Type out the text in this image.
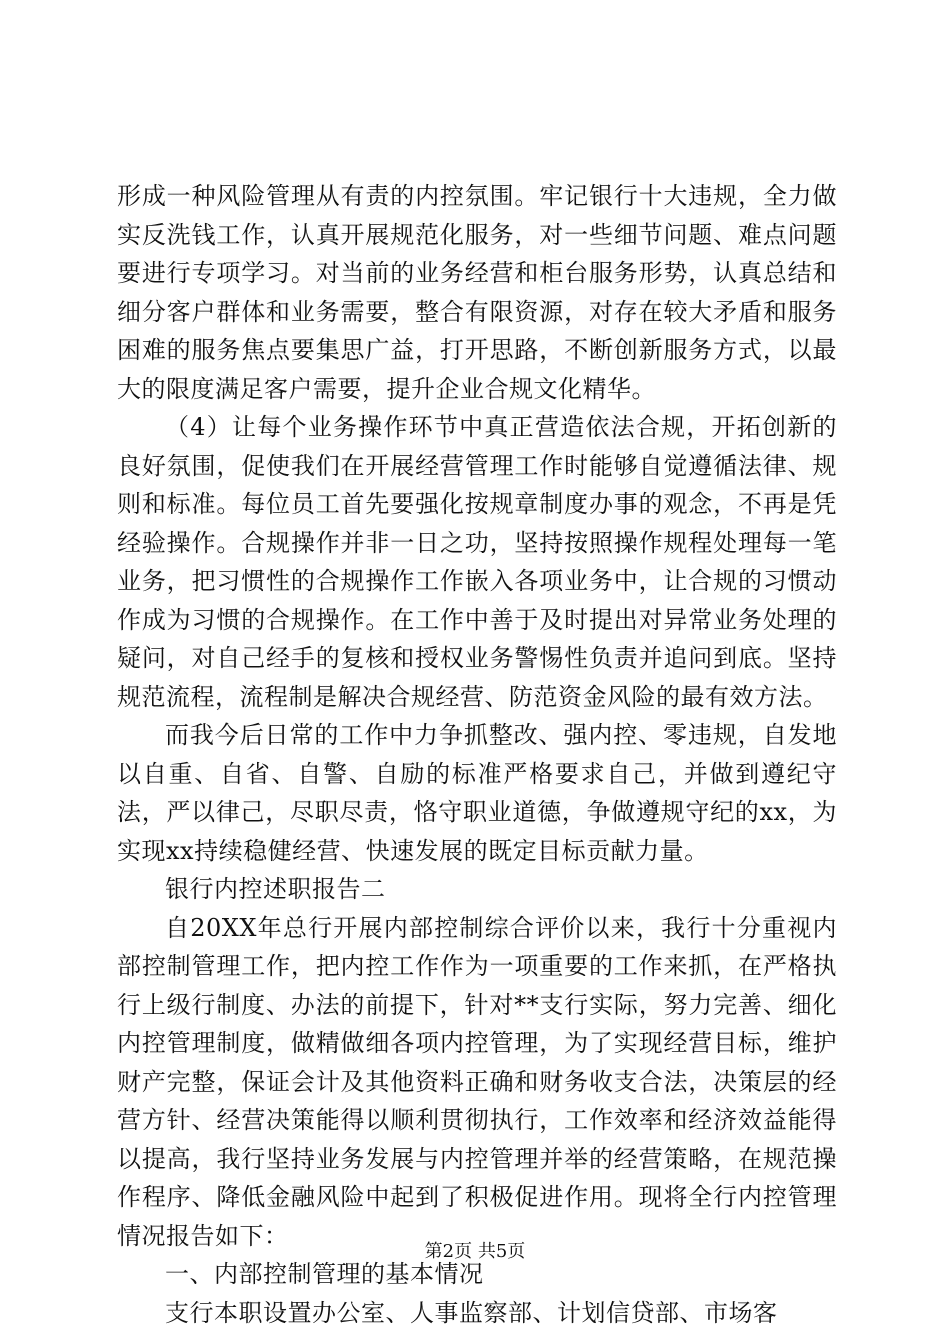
形成一种风险管理从有责的内控氛围。牢记银行十大违规，全力做实反洗钱工作，认真开展规范化服务，对一些细节问题、难点问题要进行专项学习。对当前的业务经营和柜台服务形势，认真总结和细分客户群体和业务需要，整合有限资源，对存在较大矛盾和服务困难的服务焦点要集思广益，打开思路，不断创新服务方式，以最大的限度满足客户需要，提升企业合规文化精华。

（4）让每个业务操作环节中真正营造依法合规，开拓创新的良好氛围，促使我们在开展经营管理工作时能够自觉遵循法律、规则和标准。每位员工首先要强化按规章制度办事的观念，不再是凭经验操作。合规操作并非一日之功，坚持按照操作规程处理每一笔业务，把习惯性的合规操作工作嵌入各项业务中，让合规的习惯动作成为习惯的合规操作。在工作中善于及时提出对异常业务处理的疑问，对自己经手的复核和授权业务警惕性负责并追问到底。坚持规范流程，流程制是解决合规经营、防范资金风险的最有效方法。

而我今后日常的工作中力争抓整改、强内控、零违规，自发地以自重、自省、自警、自励的标准严格要求自己，并做到遵纪守法，严以律己，尽职尽责，恪守职业道德，争做遵规守纪的xx，为实现xx持续稳健经营、快速发展的既定目标贡献力量。

银行内控述职报告二

自20XX年总行开展内部控制综合评价以来，我行十分重视内部控制管理工作，把内控工作作为一项重要的工作来抓，在严格执行上级行制度、办法的前提下，针对**支行实际，努力完善、细化内控管理制度，做精做细各项内控管理，为了实现经营目标，维护财产完整，保证会计及其他资料正确和财务收支合法，决策层的经营方针、经营决策能得以顺利贯彻执行，工作效率和经济效益能得以提高，我行坚持业务发展与内控管理并举的经营策略，在规范操作程序、降低金融风险中起到了积极促进作用。现将全行内控管理情况报告如下：

一、内部控制管理的基本情况

支行本职设置办公室、人事监察部、计划信贷部、市场客

第2页 共5页
